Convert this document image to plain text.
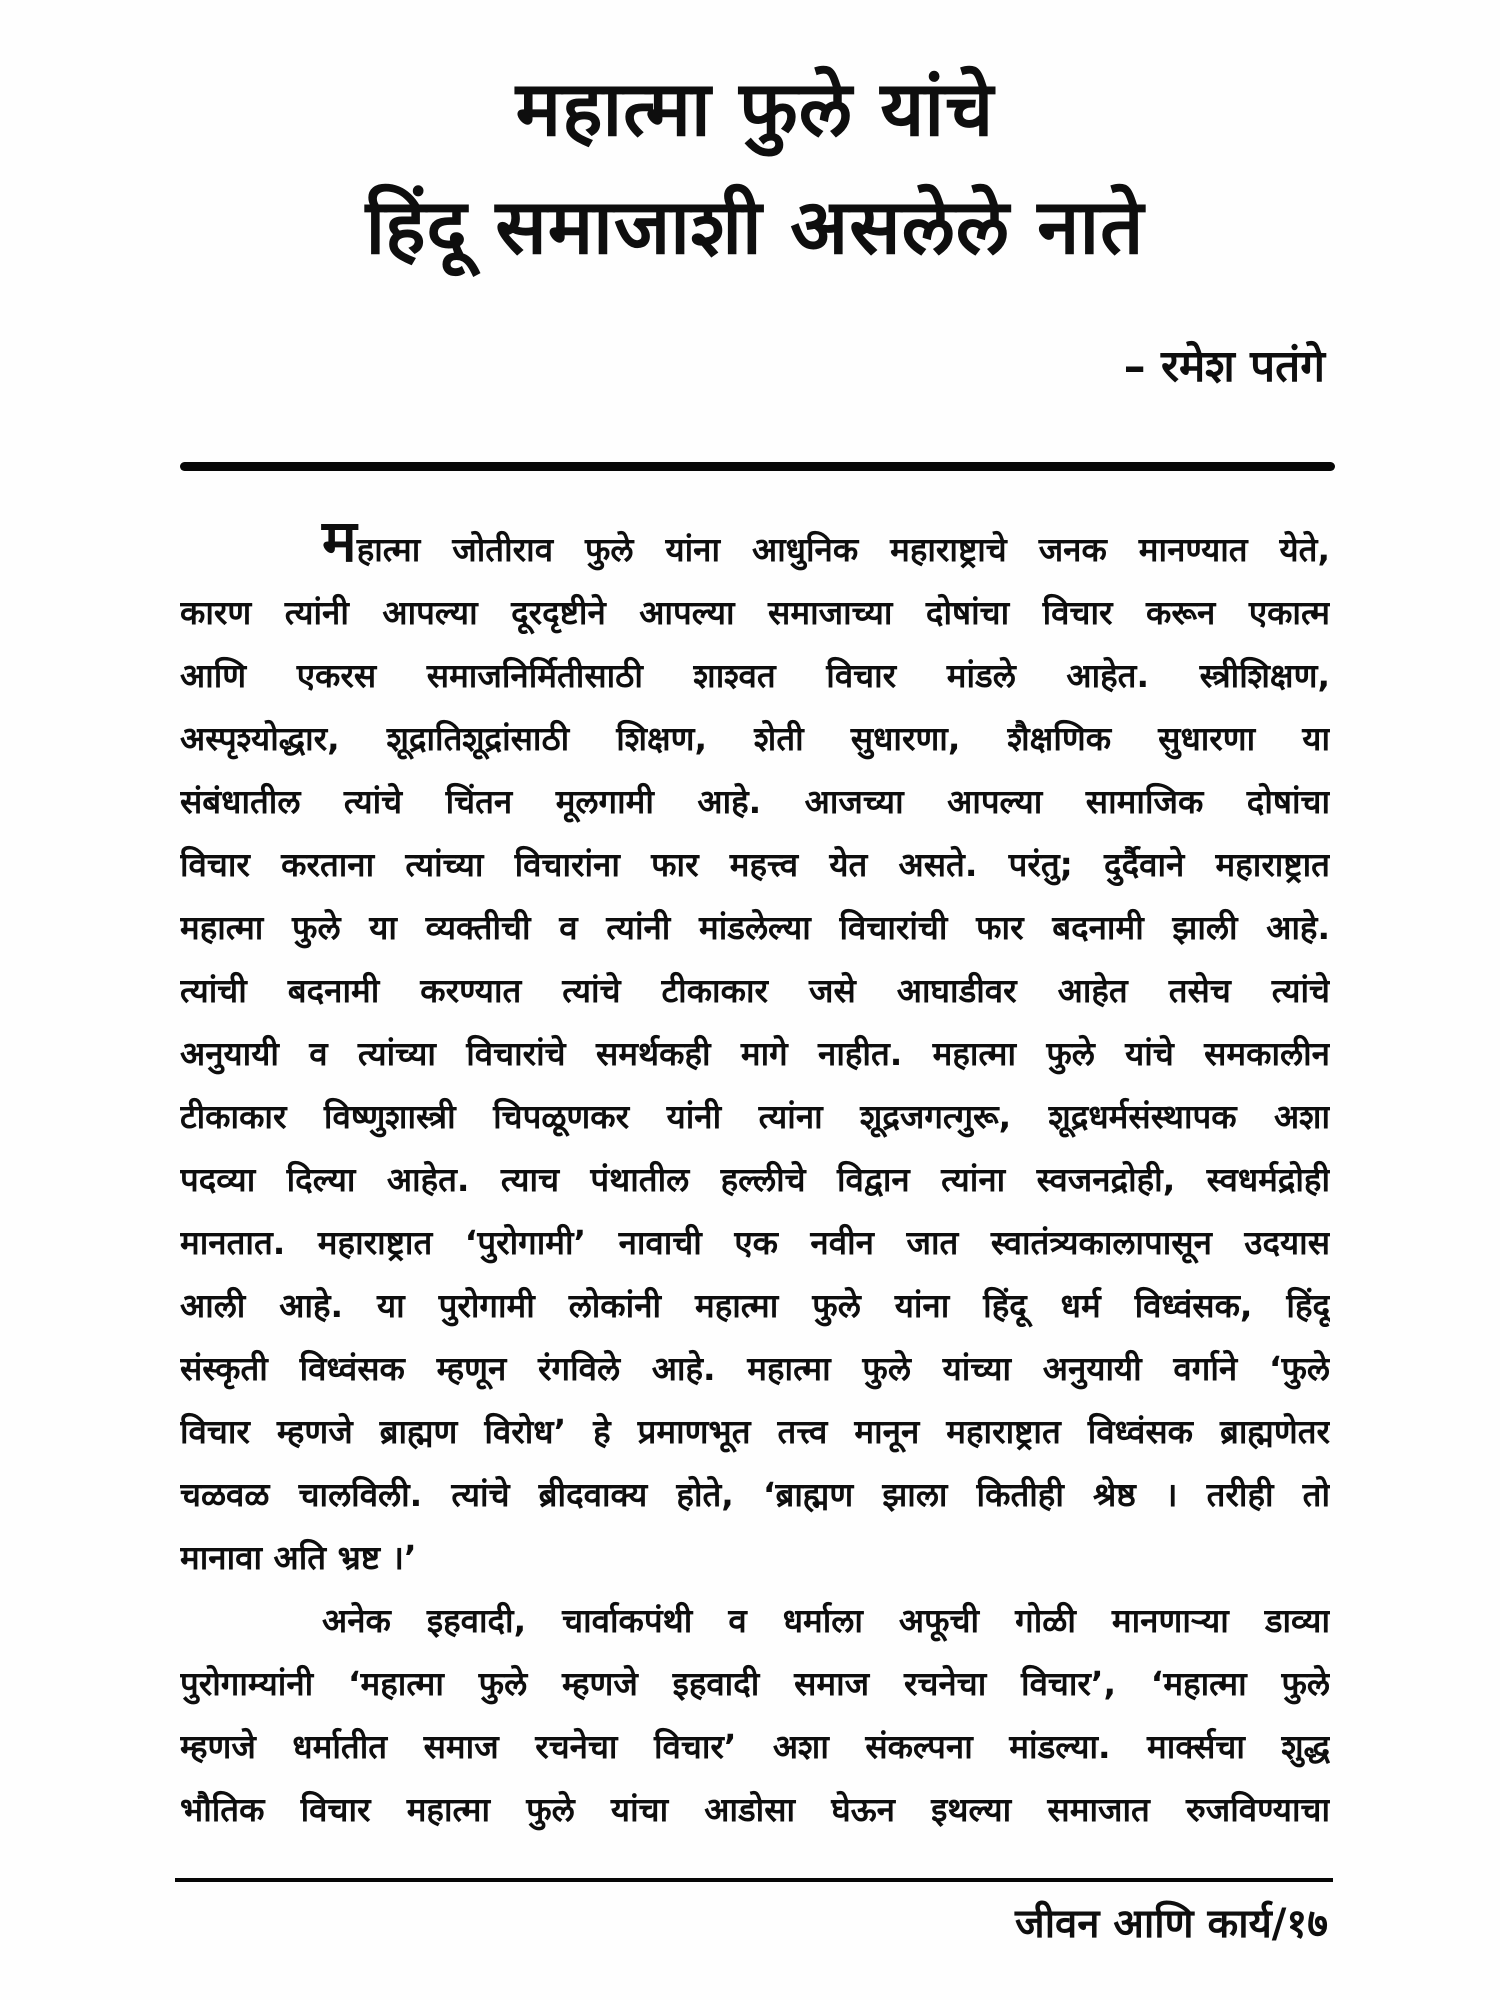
महात्मा फुले यांचे
हिंदू समाजाशी असलेले नाते
– रमेश पतंगे
महात्मा जोतीराव फुले यांना आधुनिक महाराष्ट्राचे जनक मानण्यात येते,
कारण त्यांनी आपल्या दूरदृष्टीने आपल्या समाजाच्या दोषांचा विचार करून एकात्म
आणि एकरस समाजनिर्मितीसाठी शाश्वत विचार मांडले आहेत. स्त्रीशिक्षण,
अस्पृश्योद्धार, शूद्रातिशूद्रांसाठी शिक्षण, शेती सुधारणा, शैक्षणिक सुधारणा या
संबंधातील त्यांचे चिंतन मूलगामी आहे. आजच्या आपल्या सामाजिक दोषांचा
विचार करताना त्यांच्या विचारांना फार महत्त्व येत असते. परंतु; दुर्दैवाने महाराष्ट्रात
महात्मा फुले या व्यक्तीची व त्यांनी मांडलेल्या विचारांची फार बदनामी झाली आहे.
त्यांची बदनामी करण्यात त्यांचे टीकाकार जसे आघाडीवर आहेत तसेच त्यांचे
अनुयायी व त्यांच्या विचारांचे समर्थकही मागे नाहीत. महात्मा फुले यांचे समकालीन
टीकाकार विष्णुशास्त्री चिपळूणकर यांनी त्यांना शूद्रजगत्गुरू, शूद्रधर्मसंस्थापक अशा
पदव्या दिल्या आहेत. त्याच पंथातील हल्लीचे विद्वान त्यांना स्वजनद्रोही, स्वधर्मद्रोही
मानतात. महाराष्ट्रात ‘पुरोगामी’ नावाची एक नवीन जात स्वातंत्र्यकालापासून उदयास
आली आहे. या पुरोगामी लोकांनी महात्मा फुले यांना हिंदू धर्म विध्वंसक, हिंदू
संस्कृती विध्वंसक म्हणून रंगविले आहे. महात्मा फुले यांच्या अनुयायी वर्गाने ‘फुले
विचार म्हणजे ब्राह्मण विरोध’ हे प्रमाणभूत तत्त्व मानून महाराष्ट्रात विध्वंसक ब्राह्मणेतर
चळवळ चालविली. त्यांचे ब्रीदवाक्य होते, ‘ब्राह्मण झाला कितीही श्रेष्ठ । तरीही तो
मानावा अति भ्रष्ट ।’
अनेक इहवादी, चार्वाकपंथी व धर्माला अफूची गोळी मानणाऱ्या डाव्या
पुरोगाम्यांनी ‘महात्मा फुले म्हणजे इहवादी समाज रचनेचा विचार’, ‘महात्मा फुले
म्हणजे धर्मातीत समाज रचनेचा विचार’ अशा संकल्पना मांडल्या. मार्क्सचा शुद्ध
भौतिक विचार महात्मा फुले यांचा आडोसा घेऊन इथल्या समाजात रुजविण्याचा
जीवन आणि कार्य/१७
